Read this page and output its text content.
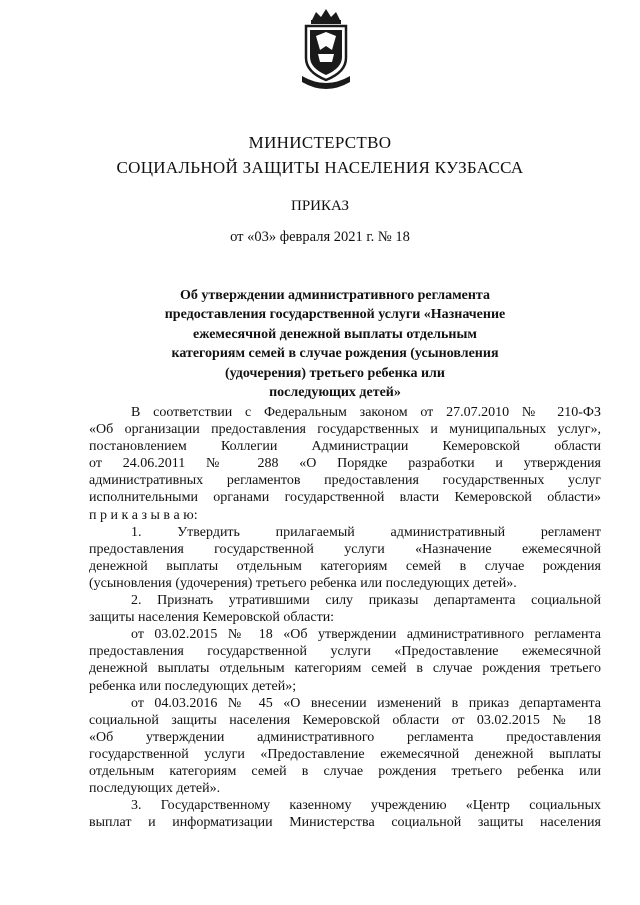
МИНИСТЕРСТВО
СОЦИАЛЬНОЙ ЗАЩИТЫ НАСЕЛЕНИЯ КУЗБАССА
ПРИКАЗ
от «03» февраля 2021 г. № 18
Об утверждении административного регламента
предоставления государственной услуги «Назначение
ежемесячной денежной выплаты отдельным
категориям семей в случае рождения (усыновления
(удочерения) третьего ребенка или
последующих детей»
В соответствии с Федеральным законом от 27.07.2010 № 210-ФЗ
«Об организации предоставления государственных и муниципальных услуг»,
постановлением Коллегии Администрации Кемеровской области
от 24.06.2011 № 288 «О Порядке разработки и утверждения
административных регламентов предоставления государственных услуг
исполнительными органами государственной власти Кемеровской области»
п р и к а з ы в а ю:
1. Утвердить прилагаемый административный регламент
предоставления государственной услуги «Назначение ежемесячной
денежной выплаты отдельным категориям семей в случае рождения
(усыновления (удочерения) третьего ребенка или последующих детей».
2. Признать утратившими силу приказы департамента социальной
защиты населения Кемеровской области:
от 03.02.2015 № 18 «Об утверждении административного регламента
предоставления государственной услуги «Предоставление ежемесячной
денежной выплаты отдельным категориям семей в случае рождения третьего
ребенка или последующих детей»;
от 04.03.2016 № 45 «О внесении изменений в приказ департамента
социальной защиты населения Кемеровской области от 03.02.2015 № 18
«Об утверждении административного регламента предоставления
государственной услуги «Предоставление ежемесячной денежной выплаты
отдельным категориям семей в случае рождения третьего ребенка или
последующих детей».
3. Государственному казенному учреждению «Центр социальных
выплат и информатизации Министерства социальной защиты населения
